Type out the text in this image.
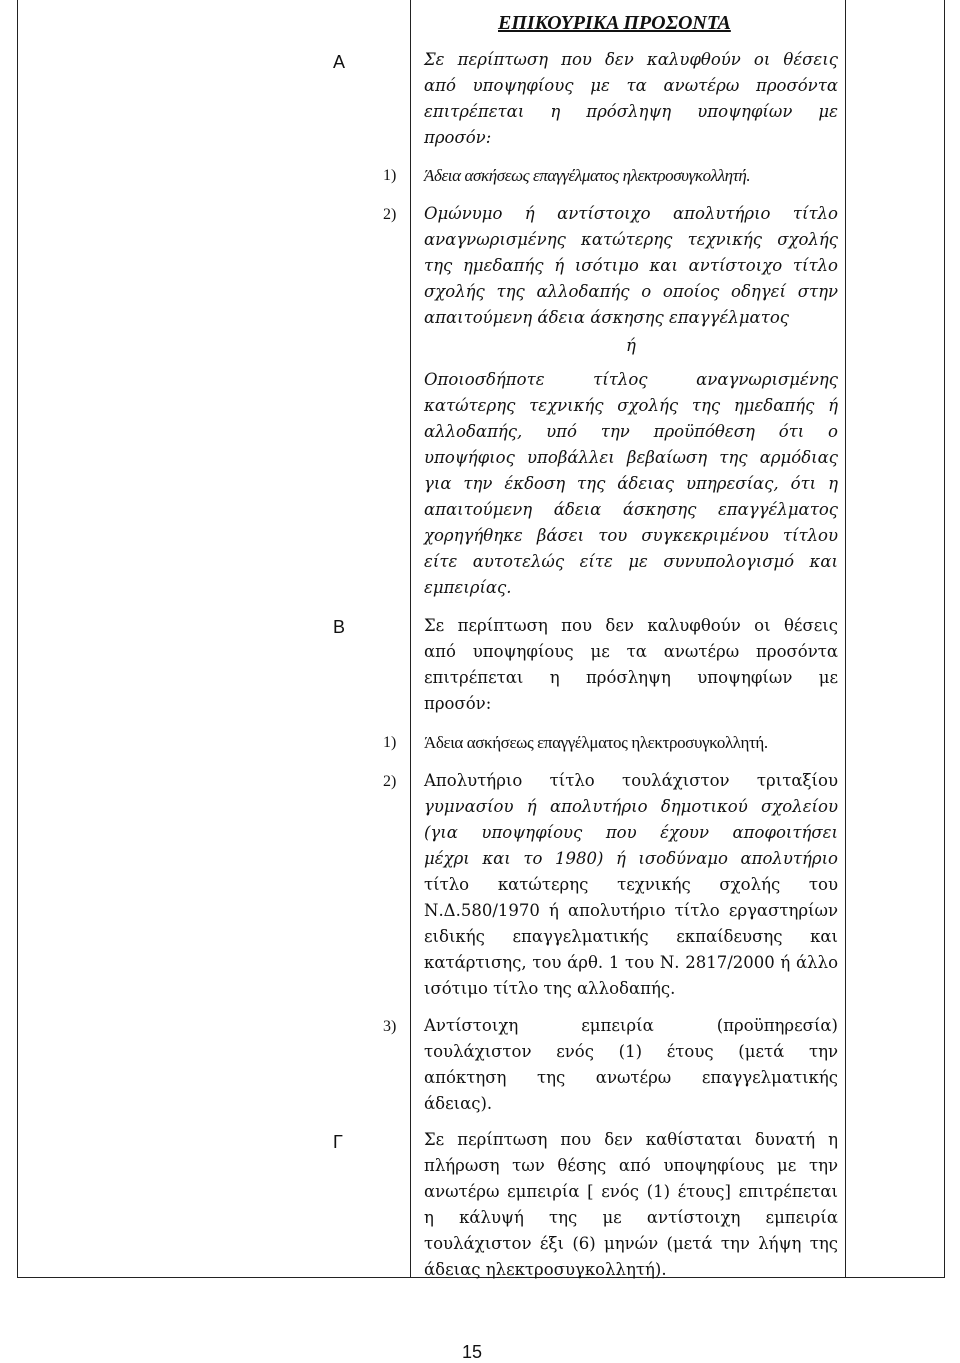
ΕΠΙΚΟΥΡΙΚΑ ΠΡΟΣΟΝΤΑ
Α	Σε περίπτωση που δεν καλυφθούν οι θέσεις
από υποψηφίους με τα ανωτέρω προσόντα
επιτρέπεται η πρόσληψη υποψηφίων με
προσόν:
1) Άδεια ασκήσεως επαγγέλματος ηλεκτροσυγκολλητή.
2) Ομώνυμο ή αντίστοιχο απολυτήριο τίτλο
αναγνωρισμένης κατώτερης τεχνικής σχολής
της ημεδαπής ή ισότιμο και αντίστοιχο τίτλο
σχολής της αλλοδαπής ο οποίος οδηγεί στην
απαιτούμενη άδεια άσκησης επαγγέλματος
ή
Οποιοσδήποτε τίτλος αναγνωρισμένης
κατώτερης τεχνικής σχολής της ημεδαπής ή
αλλοδαπής, υπό την προϋπόθεση ότι ο
υποψήφιος υποβάλλει βεβαίωση της αρμόδιας
για την έκδοση της άδειας υπηρεσίας, ότι η
απαιτούμενη άδεια άσκησης επαγγέλματος
χορηγήθηκε βάσει του συγκεκριμένου τίτλου
είτε αυτοτελώς είτε με συνυπολογισμό και
εμπειρίας.
Β	Σε περίπτωση που δεν καλυφθούν οι θέσεις
από υποψηφίους με τα ανωτέρω προσόντα
επιτρέπεται η πρόσληψη υποψηφίων με
προσόν:
1) Άδεια ασκήσεως επαγγέλματος ηλεκτροσυγκολλητή.
2) Απολυτήριο τίτλο τουλάχιστον τριταξίου
γυμνασίου ή απολυτήριο δημοτικού σχολείου
(για υποψηφίους που έχουν αποφοιτήσει
μέχρι και το 1980) ή ισοδύναμο απολυτήριο
τίτλο κατώτερης τεχνικής σχολής του
Ν.Δ.580/1970 ή απολυτήριο τίτλο εργαστηρίων
ειδικής επαγγελματικής εκπαίδευσης και
κατάρτισης, του άρθ. 1 του Ν. 2817/2000 ή άλλο
ισότιμο τίτλο της αλλοδαπής.
3) Αντίστοιχη εμπειρία (προϋπηρεσία)
τουλάχιστον ενός (1) έτους (μετά την
απόκτηση της ανωτέρω επαγγελματικής
άδειας).
Γ	Σε περίπτωση που δεν καθίσταται δυνατή η
πλήρωση των θέσης από υποψηφίους με την
ανωτέρω εμπειρία [ ενός (1) έτους] επιτρέπεται
η κάλυψή της με αντίστοιχη εμπειρία
τουλάχιστον έξι (6) μηνών (μετά την λήψη της
άδειας ηλεκτροσυγκολλητή).
15
